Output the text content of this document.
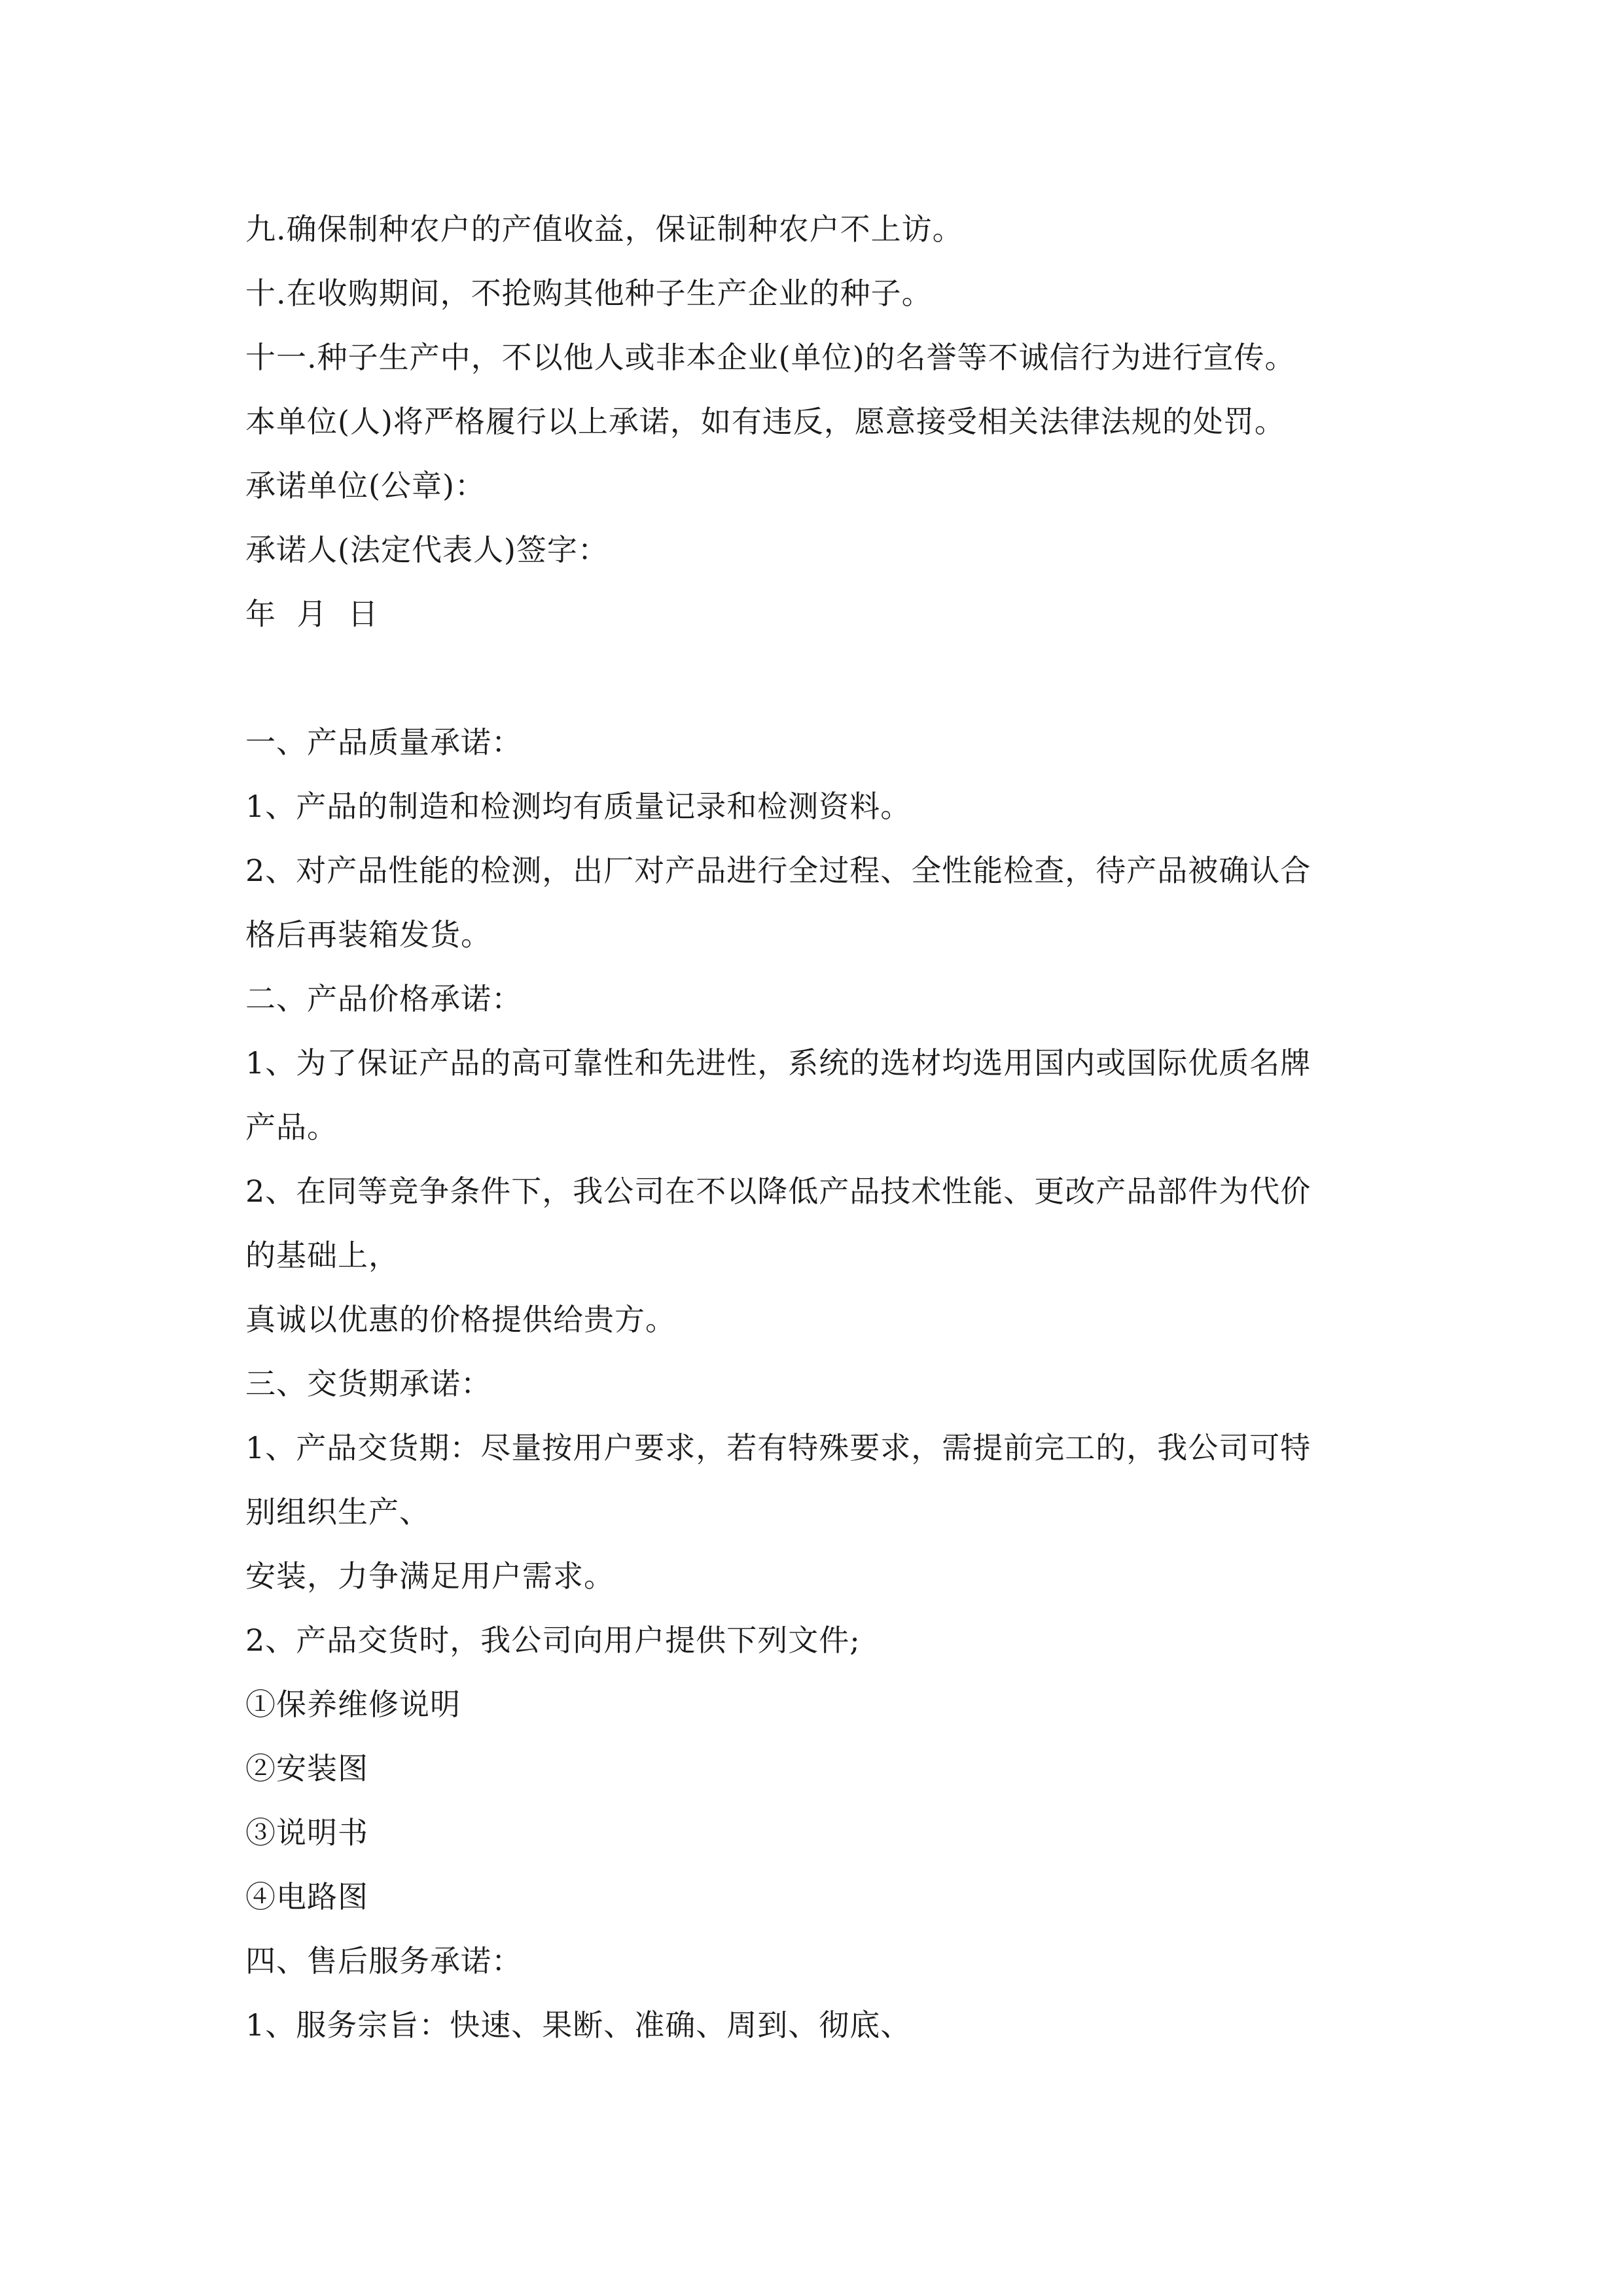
九.确保制种农户的产值收益，保证制种农户不上访。
十.在收购期间，不抢购其他种子生产企业的种子。
十一.种子生产中，不以他人或非本企业(单位)的名誉等不诚信行为进行宣传。
本单位(人)将严格履行以上承诺，如有违反，愿意接受相关法律法规的处罚。
承诺单位(公章)：
承诺人(法定代表人)签字：
年  月  日
一、产品质量承诺：
1、产品的制造和检测均有质量记录和检测资料。
2、对产品性能的检测，出厂对产品进行全过程、全性能检查，待产品被确认合
格后再装箱发货。
二、产品价格承诺：
1、为了保证产品的高可靠性和先进性，系统的选材均选用国内或国际优质名牌
产品。
2、在同等竞争条件下，我公司在不以降低产品技术性能、更改产品部件为代价
的基础上，
真诚以优惠的价格提供给贵方。
三、交货期承诺：
1、产品交货期：尽量按用户要求，若有特殊要求，需提前完工的，我公司可特
别组织生产、
安装，力争满足用户需求。
2、产品交货时，我公司向用户提供下列文件;
①保养维修说明
②安装图
③说明书
④电路图
四、售后服务承诺：
1、服务宗旨：快速、果断、准确、周到、彻底、
